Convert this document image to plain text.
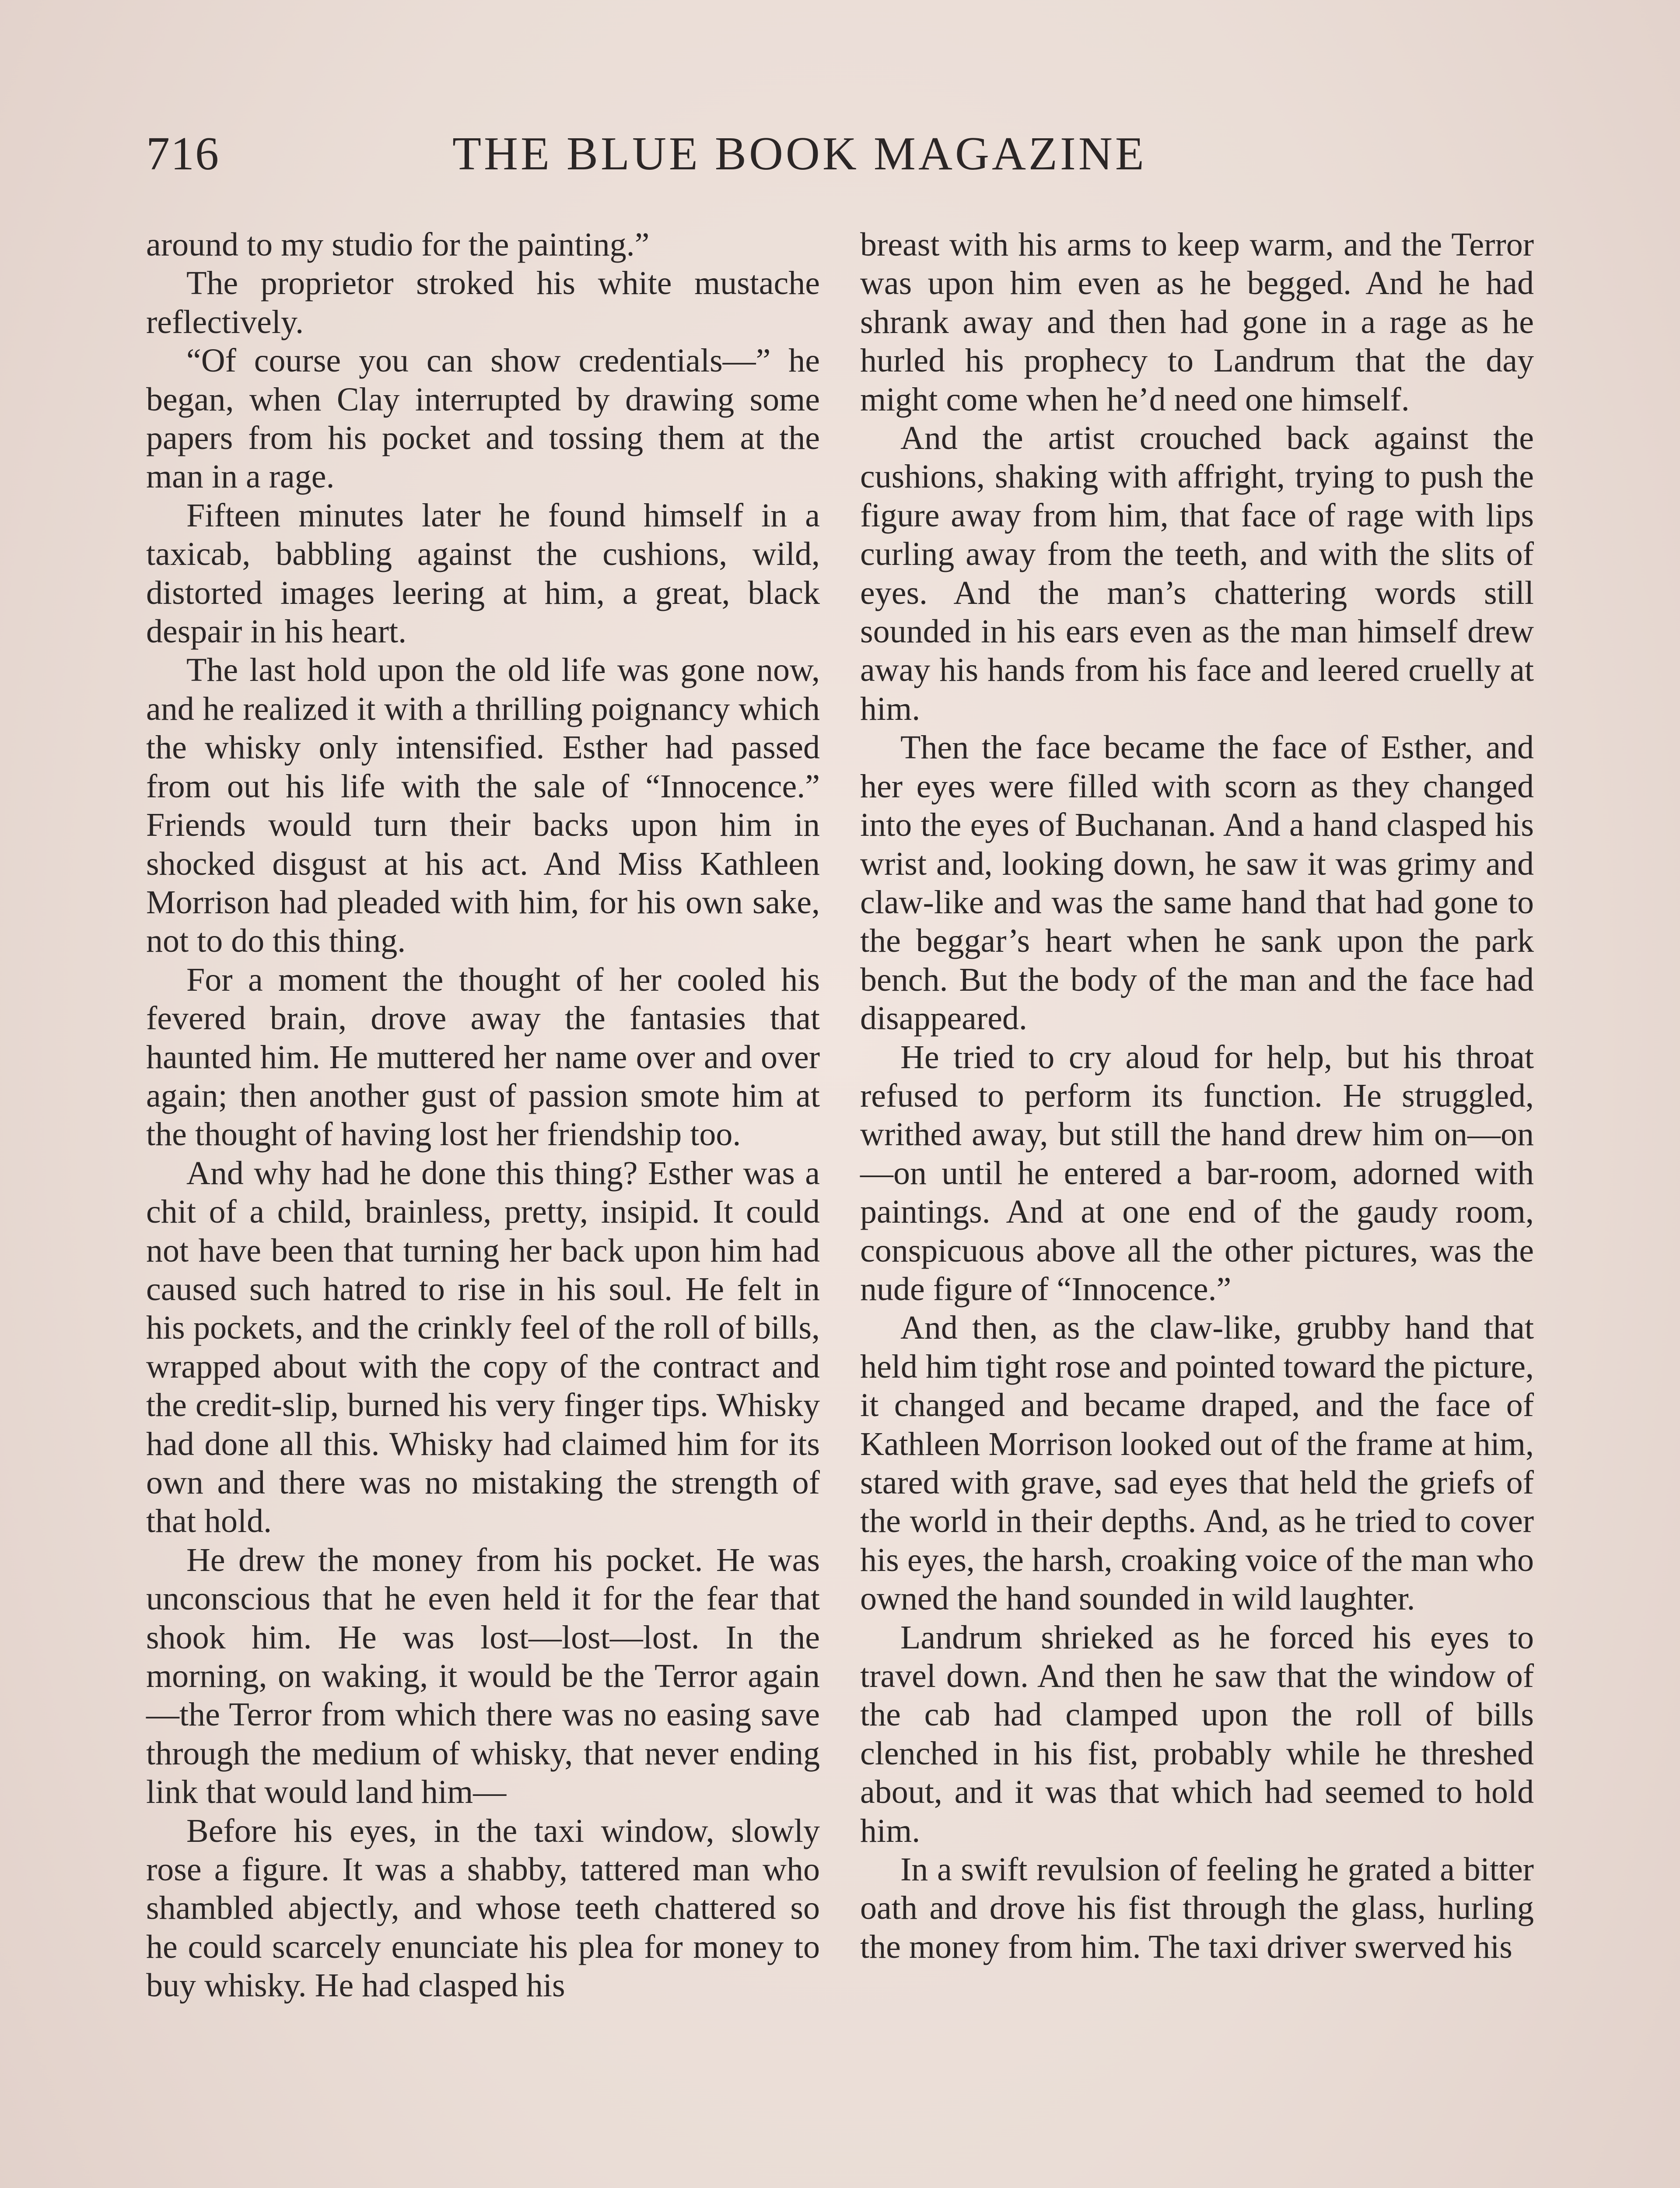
716	THE BLUE BOOK MAGAZINE

around to my studio for the painting.”

The proprietor stroked his white mustache reflectively.

“Of course you can show credentials—” he began, when Clay interrupted by drawing some papers from his pocket and tossing them at the man in a rage.

Fifteen minutes later he found himself in a taxicab, babbling against the cushions, wild, distorted images leering at him, a great, black despair in his heart.

The last hold upon the old life was gone now, and he realized it with a thrilling poignancy which the whisky only intensified. Esther had passed from out his life with the sale of “Innocence.” Friends would turn their backs upon him in shocked disgust at his act. And Miss Kathleen Morrison had pleaded with him, for his own sake, not to do this thing.

For a moment the thought of her cooled his fevered brain, drove away the fantasies that haunted him. He muttered her name over and over again; then another gust of passion smote him at the thought of having lost her friendship too.

And why had he done this thing? Esther was a chit of a child, brainless, pretty, insipid. It could not have been that turning her back upon him had caused such hatred to rise in his soul. He felt in his pockets, and the crinkly feel of the roll of bills, wrapped about with the copy of the contract and the credit-slip, burned his very finger tips. Whisky had done all this. Whisky had claimed him for its own and there was no mistaking the strength of that hold.

He drew the money from his pocket. He was unconscious that he even held it for the fear that shook him. He was lost—lost—lost. In the morning, on waking, it would be the Terror again—the Terror from which there was no easing save through the medium of whisky, that never ending link that would land him—

Before his eyes, in the taxi window, slowly rose a figure. It was a shabby, tattered man who shambled abjectly, and whose teeth chattered so he could scarcely enunciate his plea for money to buy whisky. He had clasped his

breast with his arms to keep warm, and the Terror was upon him even as he begged. And he had shrank away and then had gone in a rage as he hurled his prophecy to Landrum that the day might come when he’d need one himself.

And the artist crouched back against the cushions, shaking with affright, trying to push the figure away from him, that face of rage with lips curling away from the teeth, and with the slits of eyes. And the man’s chattering words still sounded in his ears even as the man himself drew away his hands from his face and leered cruelly at him.

Then the face became the face of Esther, and her eyes were filled with scorn as they changed into the eyes of Buchanan. And a hand clasped his wrist and, looking down, he saw it was grimy and claw-like and was the same hand that had gone to the beggar’s heart when he sank upon the park bench. But the body of the man and the face had disappeared.

He tried to cry aloud for help, but his throat refused to perform its function. He struggled, writhed away, but still the hand drew him on—on—on until he entered a bar-room, adorned with paintings. And at one end of the gaudy room, conspicuous above all the other pictures, was the nude figure of “Innocence.”

And then, as the claw-like, grubby hand that held him tight rose and pointed toward the picture, it changed and became draped, and the face of Kathleen Morrison looked out of the frame at him, stared with grave, sad eyes that held the griefs of the world in their depths. And, as he tried to cover his eyes, the harsh, croaking voice of the man who owned the hand sounded in wild laughter.

Landrum shrieked as he forced his eyes to travel down. And then he saw that the window of the cab had clamped upon the roll of bills clenched in his fist, probably while he threshed about, and it was that which had seemed to hold him.

In a swift revulsion of feeling he grated a bitter oath and drove his fist through the glass, hurling the money from him. The taxi driver swerved his
